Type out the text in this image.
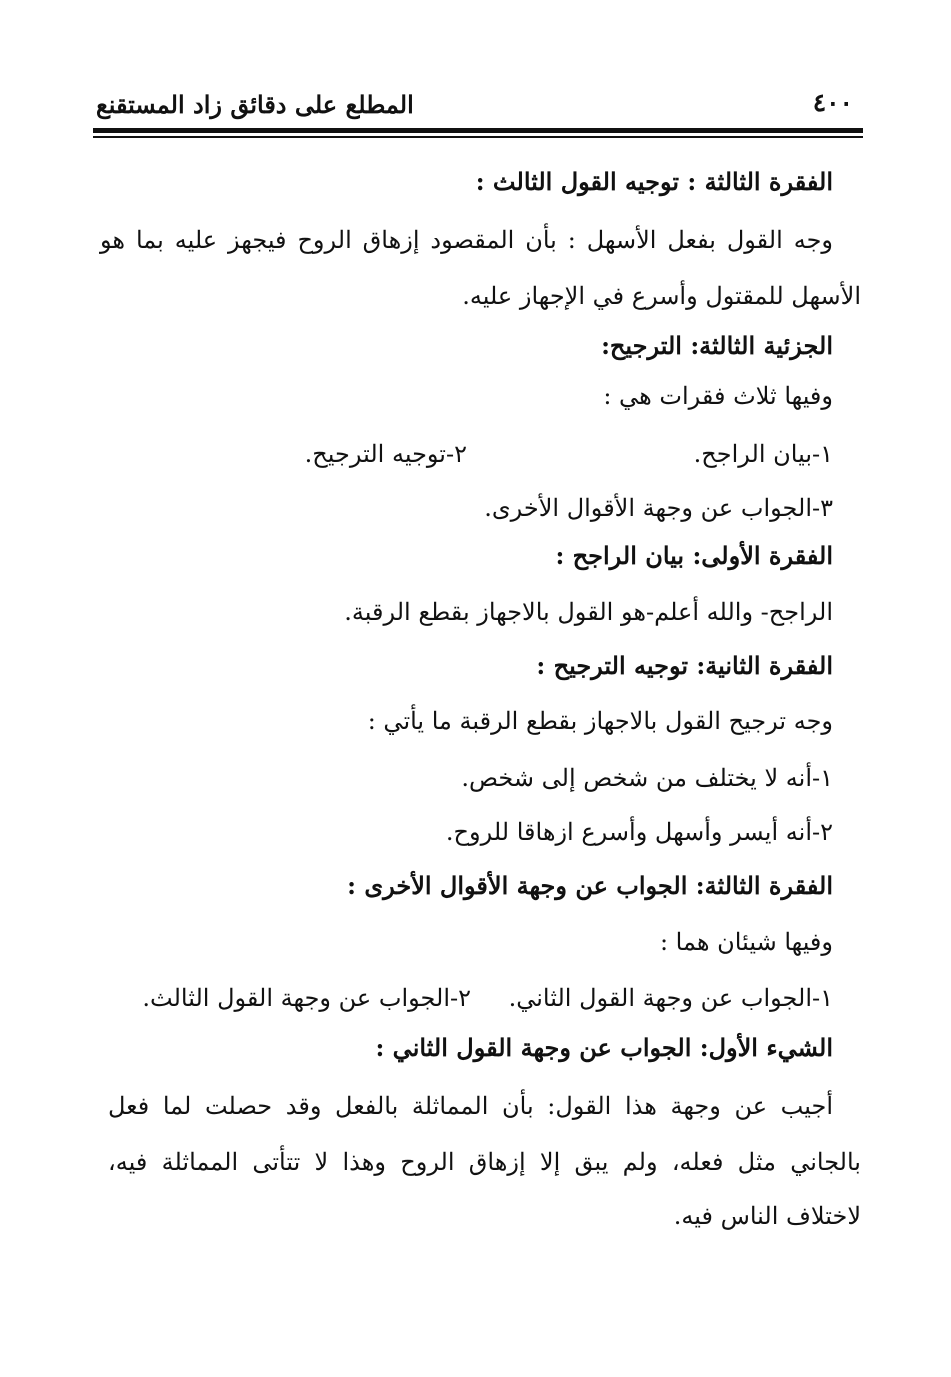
٤٠٠
المطلع على دقائق زاد المستقنع
الفقرة الثالثة : توجيه القول الثالث :
وجه القول بفعل الأسهل : بأن المقصود إزهاق الروح فيجهز عليه بما هو
الأسهل للمقتول وأسرع في الإجهاز عليه.
الجزئية الثالثة: الترجيح:
وفيها ثلاث فقرات هي :
١-بيان الراجح.
٢-توجيه الترجيح.
٣-الجواب عن وجهة الأقوال الأخرى.
الفقرة الأولى: بيان الراجح :
الراجح- والله أعلم-هو القول بالاجهاز بقطع الرقبة.
الفقرة الثانية: توجيه الترجيح :
وجه ترجيح القول بالاجهاز بقطع الرقبة ما يأتي :
١-أنه لا يختلف من شخص إلى شخص.
٢-أنه أيسر وأسهل وأسرع ازهاقا للروح.
الفقرة الثالثة: الجواب عن وجهة الأقوال الأخرى :
وفيها شيئان هما :
١-الجواب عن وجهة القول الثاني.
٢-الجواب عن وجهة القول الثالث.
الشيء الأول: الجواب عن وجهة القول الثاني :
أجيب عن وجهة هذا القول: بأن المماثلة بالفعل وقد حصلت لما فعل
بالجاني مثل فعله، ولم يبق إلا إزهاق الروح وهذا لا تتأتى المماثلة فيه،
لاختلاف الناس فيه.
